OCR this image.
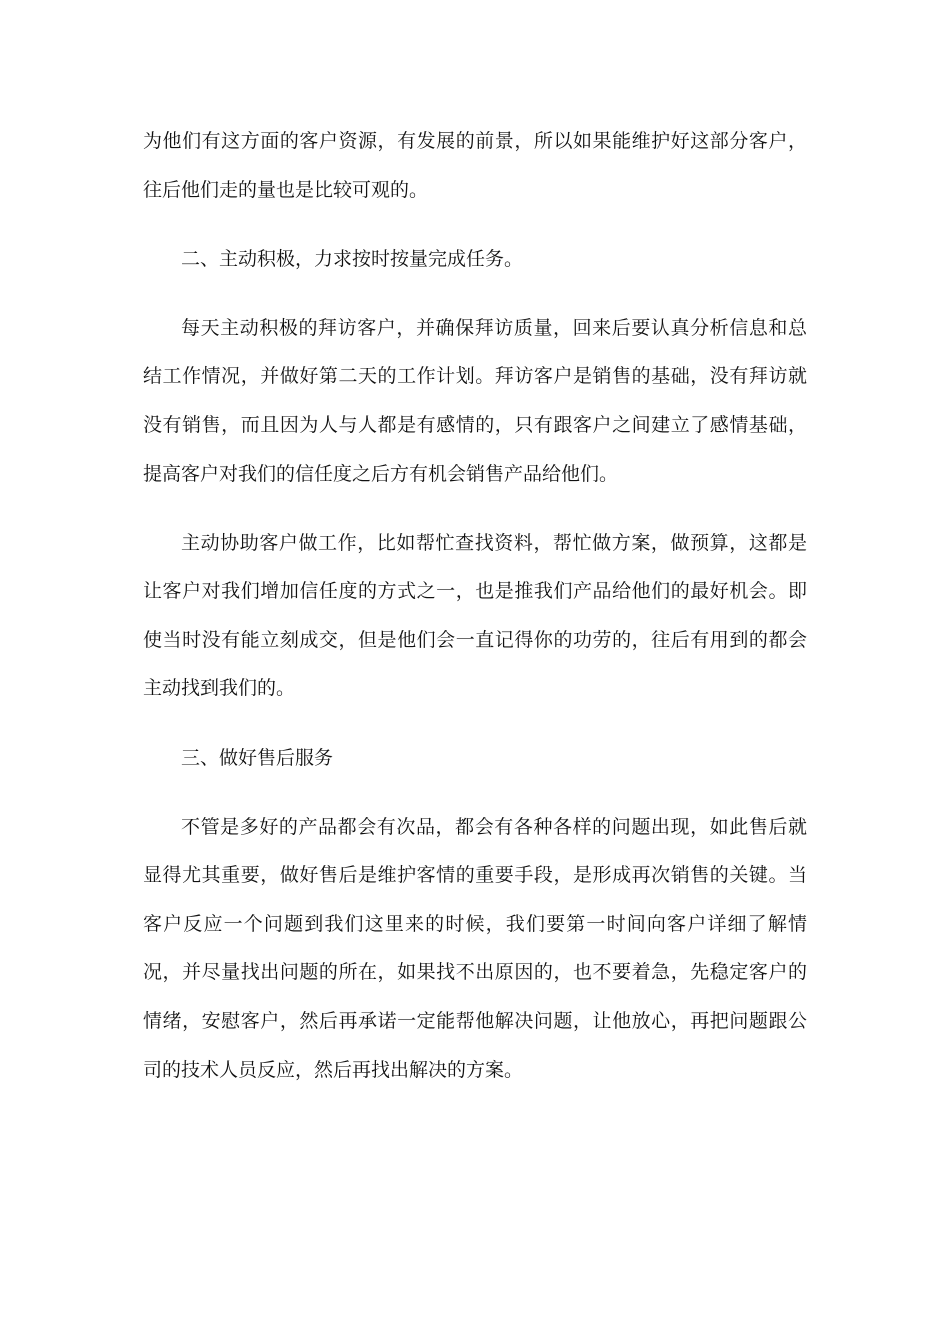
为他们有这方面的客户资源，有发展的前景，所以如果能维护好这部分客户，往后他们走的量也是比较可观的。

二、主动积极，力求按时按量完成任务。

每天主动积极的拜访客户，并确保拜访质量，回来后要认真分析信息和总结工作情况，并做好第二天的工作计划。拜访客户是销售的基础，没有拜访就没有销售，而且因为人与人都是有感情的，只有跟客户之间建立了感情基础，提高客户对我们的信任度之后方有机会销售产品给他们。

主动协助客户做工作，比如帮忙查找资料，帮忙做方案，做预算，这都是让客户对我们增加信任度的方式之一，也是推我们产品给他们的最好机会。即使当时没有能立刻成交，但是他们会一直记得你的功劳的，往后有用到的都会主动找到我们的。

三、做好售后服务

不管是多好的产品都会有次品，都会有各种各样的问题出现，如此售后就显得尤其重要，做好售后是维护客情的重要手段，是形成再次销售的关键。当客户反应一个问题到我们这里来的时候，我们要第一时间向客户详细了解情况，并尽量找出问题的所在，如果找不出原因的，也不要着急，先稳定客户的情绪，安慰客户，然后再承诺一定能帮他解决问题，让他放心，再把问题跟公司的技术人员反应，然后再找出解决的方案。
